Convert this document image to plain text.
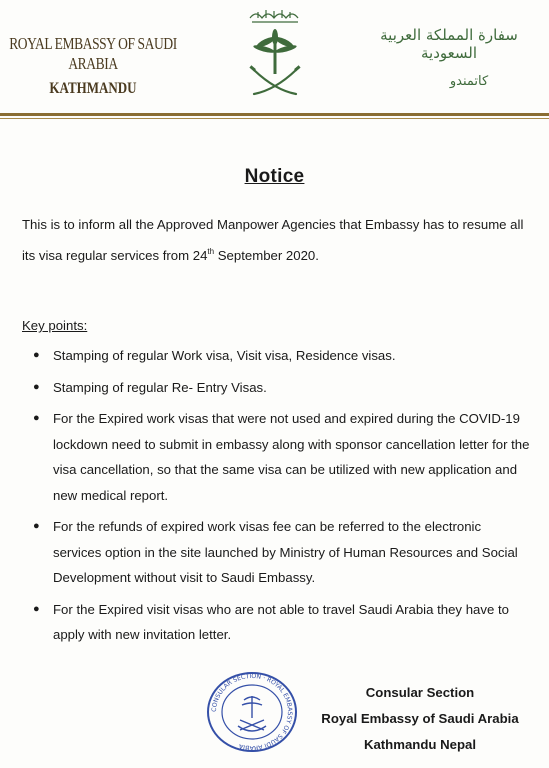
ROYAL EMBASSY OF SAUDI ARABIA
KATHMANDU
سفارة المملكة العربية السعودية
كاتمندو
Notice

This is to inform all the Approved Manpower Agencies that Embassy has to resume all its visa regular services from 24th September 2020.

Key points:
● Stamping of regular Work visa, Visit visa, Residence visas.
● Stamping of regular Re- Entry Visas.
● For the Expired work visas that were not used and expired during the COVID-19 lockdown need to submit in embassy along with sponsor cancellation letter for the visa cancellation, so that the same visa can be utilized with new application and new medical report.
● For the refunds of expired work visas fee can be referred to the electronic services option in the site launched by Ministry of Human Resources and Social Development without visit to Saudi Embassy.
● For the Expired visit visas who are not able to travel Saudi Arabia they have to apply with new invitation letter.
CONSULAR SECTION · ROYAL EMBASSY OF SAUDI ARABIA
Consular Section
Royal Embassy of Saudi Arabia
Kathmandu Nepal
